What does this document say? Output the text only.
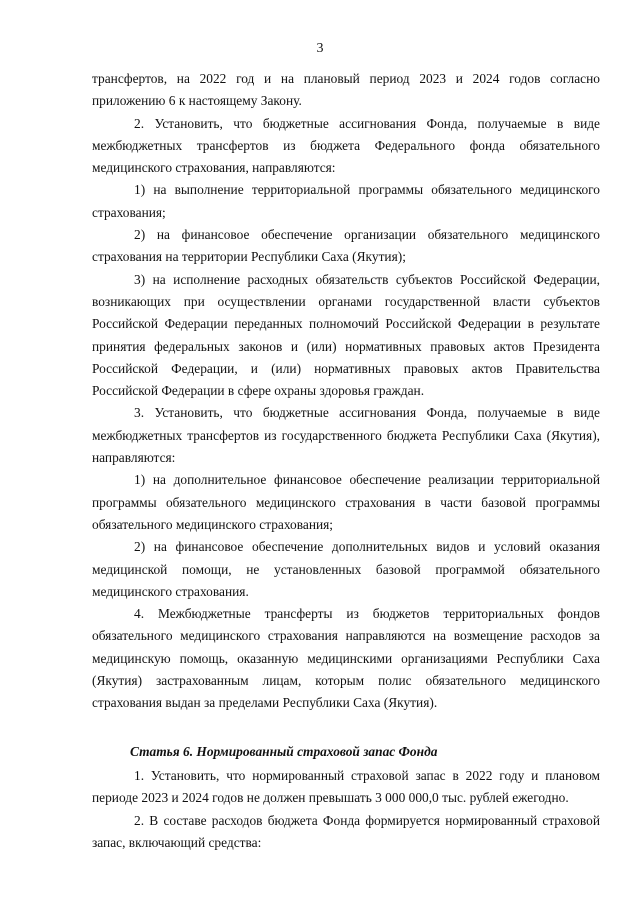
3

трансфертов, на 2022 год и на плановый период 2023 и 2024 годов согласно приложению 6 к настоящему Закону.

2. Установить, что бюджетные ассигнования Фонда, получаемые в виде межбюджетных трансфертов из бюджета Федерального фонда обязательного медицинского страхования, направляются:

1) на выполнение территориальной программы обязательного медицинского страхования;

2) на финансовое обеспечение организации обязательного медицинского страхования на территории Республики Саха (Якутия);

3) на исполнение расходных обязательств субъектов Российской Федерации, возникающих при осуществлении органами государственной власти субъектов Российской Федерации переданных полномочий Российской Федерации в результате принятия федеральных законов и (или) нормативных правовых актов Президента Российской Федерации, и (или) нормативных правовых актов Правительства Российской Федерации в сфере охраны здоровья граждан.

3. Установить, что бюджетные ассигнования Фонда, получаемые в виде межбюджетных трансфертов из государственного бюджета Республики Саха (Якутия), направляются:

1) на дополнительное финансовое обеспечение реализации территориальной программы обязательного медицинского страхования в части базовой программы обязательного медицинского страхования;

2) на финансовое обеспечение дополнительных видов и условий оказания медицинской помощи, не установленных базовой программой обязательного медицинского страхования.

4. Межбюджетные трансферты из бюджетов территориальных фондов обязательного медицинского страхования направляются на возмещение расходов за медицинскую помощь, оказанную медицинскими организациями Республики Саха (Якутия) застрахованным лицам, которым полис обязательного медицинского страхования выдан за пределами Республики Саха (Якутия).

Статья 6. Нормированный страховой запас Фонда

1. Установить, что нормированный страховой запас в 2022 году и плановом периоде 2023 и 2024 годов не должен превышать 3 000 000,0 тыс. рублей ежегодно.

2. В составе расходов бюджета Фонда формируется нормированный страховой запас, включающий средства:
